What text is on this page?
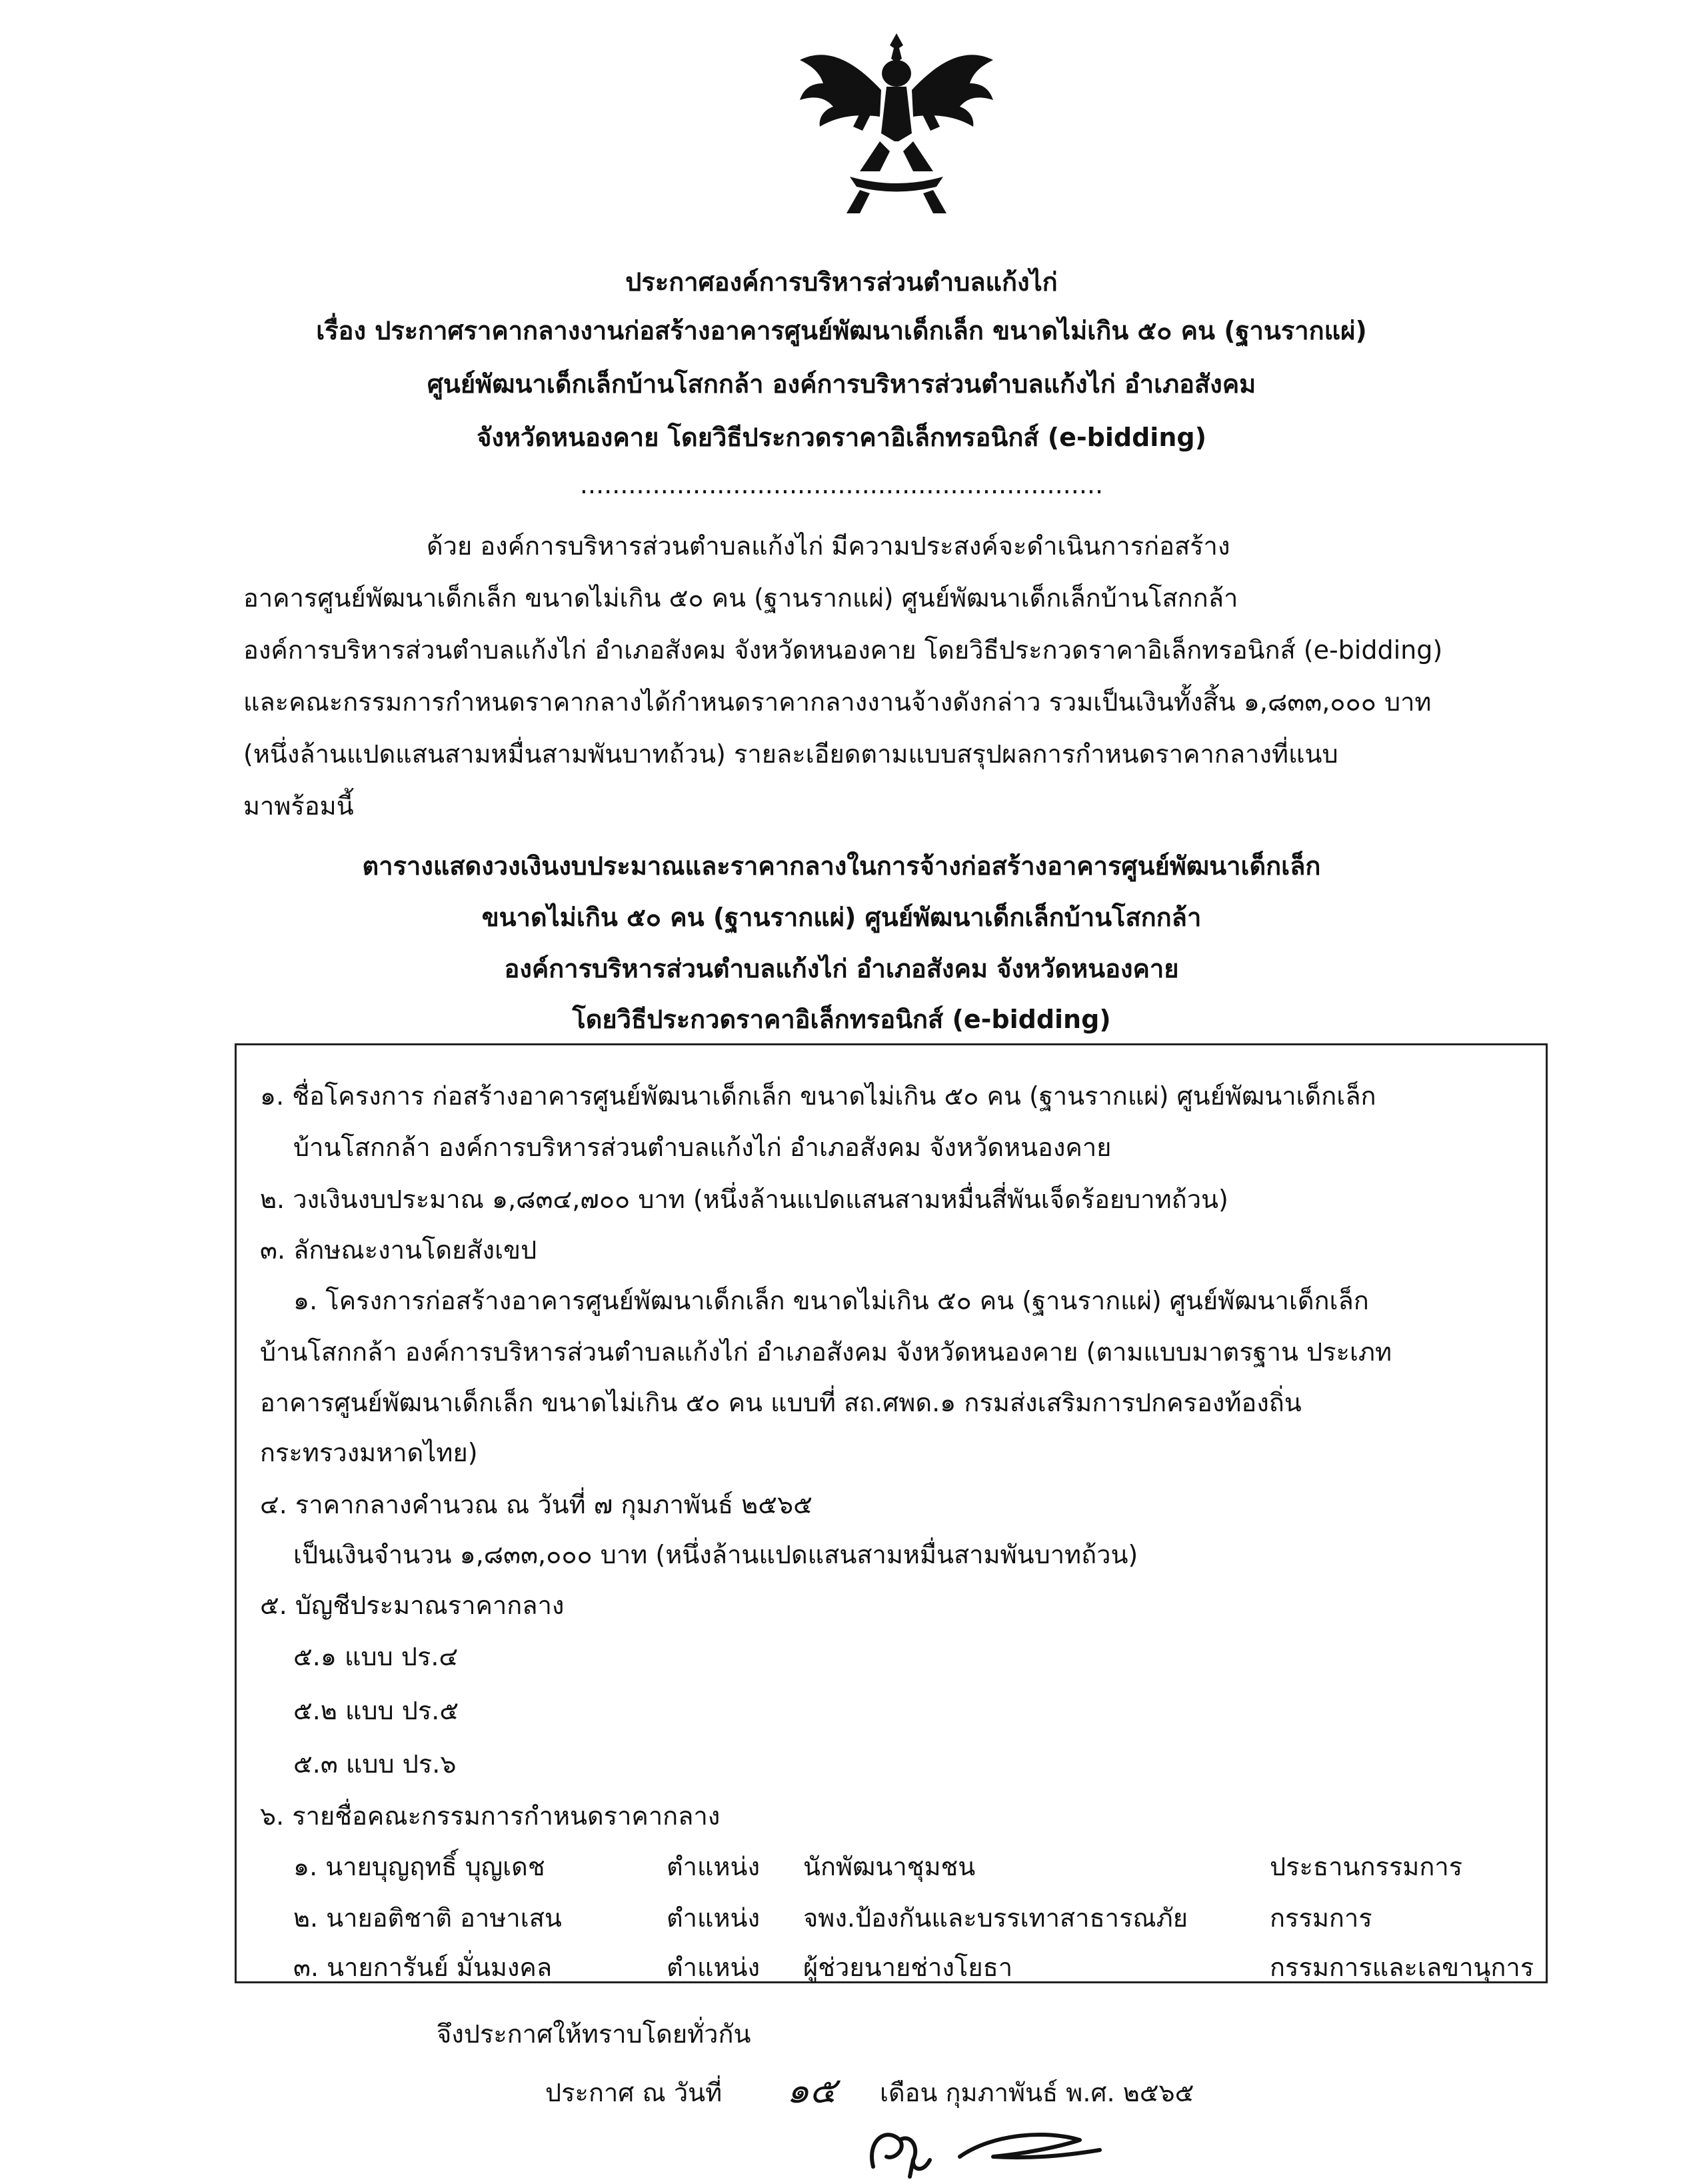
ประกาศองค์การบริหารส่วนตำบลแก้งไก่
เรื่อง ประกาศราคากลางงานก่อสร้างอาคารศูนย์พัฒนาเด็กเล็ก ขนาดไม่เกิน ๕๐ คน (ฐานรากแผ่)
ศูนย์พัฒนาเด็กเล็กบ้านโสกกล้า องค์การบริหารส่วนตำบลแก้งไก่ อำเภอสังคม
จังหวัดหนองคาย โดยวิธีประกวดราคาอิเล็กทรอนิกส์ (e-bidding)
.................................................................
ด้วย องค์การบริหารส่วนตำบลแก้งไก่ มีความประสงค์จะดำเนินการก่อสร้าง
อาคารศูนย์พัฒนาเด็กเล็ก ขนาดไม่เกิน ๕๐ คน (ฐานรากแผ่) ศูนย์พัฒนาเด็กเล็กบ้านโสกกล้า
องค์การบริหารส่วนตำบลแก้งไก่ อำเภอสังคม จังหวัดหนองคาย โดยวิธีประกวดราคาอิเล็กทรอนิกส์ (e-bidding)
และคณะกรรมการกำหนดราคากลางได้กำหนดราคากลางงานจ้างดังกล่าว รวมเป็นเงินทั้งสิ้น ๑,๘๓๓,๐๐๐ บาท
(หนึ่งล้านแปดแสนสามหมื่นสามพันบาทถ้วน) รายละเอียดตามแบบสรุปผลการกำหนดราคากลางที่แนบ
มาพร้อมนี้
ตารางแสดงวงเงินงบประมาณและราคากลางในการจ้างก่อสร้างอาคารศูนย์พัฒนาเด็กเล็ก
ขนาดไม่เกิน ๕๐ คน (ฐานรากแผ่) ศูนย์พัฒนาเด็กเล็กบ้านโสกกล้า
องค์การบริหารส่วนตำบลแก้งไก่ อำเภอสังคม จังหวัดหนองคาย
โดยวิธีประกวดราคาอิเล็กทรอนิกส์ (e-bidding)
๑. ชื่อโครงการ ก่อสร้างอาคารศูนย์พัฒนาเด็กเล็ก ขนาดไม่เกิน ๕๐ คน (ฐานรากแผ่) ศูนย์พัฒนาเด็กเล็ก
บ้านโสกกล้า องค์การบริหารส่วนตำบลแก้งไก่ อำเภอสังคม จังหวัดหนองคาย
๒. วงเงินงบประมาณ ๑,๘๓๔,๗๐๐ บาท (หนึ่งล้านแปดแสนสามหมื่นสี่พันเจ็ดร้อยบาทถ้วน)
๓. ลักษณะงานโดยสังเขป
๑. โครงการก่อสร้างอาคารศูนย์พัฒนาเด็กเล็ก ขนาดไม่เกิน ๕๐ คน (ฐานรากแผ่) ศูนย์พัฒนาเด็กเล็ก
บ้านโสกกล้า องค์การบริหารส่วนตำบลแก้งไก่ อำเภอสังคม จังหวัดหนองคาย (ตามแบบมาตรฐาน ประเภท
อาคารศูนย์พัฒนาเด็กเล็ก ขนาดไม่เกิน ๕๐ คน แบบที่ สถ.ศพด.๑ กรมส่งเสริมการปกครองท้องถิ่น
กระทรวงมหาดไทย)
๔. ราคากลางคำนวณ ณ วันที่ ๗ กุมภาพันธ์ ๒๕๖๕
เป็นเงินจำนวน ๑,๘๓๓,๐๐๐ บาท (หนึ่งล้านแปดแสนสามหมื่นสามพันบาทถ้วน)
๕. บัญชีประมาณราคากลาง
๕.๑ แบบ ปร.๔
๕.๒ แบบ ปร.๕
๕.๓ แบบ ปร.๖
๖. รายชื่อคณะกรรมการกำหนดราคากลาง
๑. นายบุญฤทธิ์ บุญเดช	ตำแหน่ง นักพัฒนาชุมชน	ประธานกรรมการ
๒. นายอติชาติ อาษาเสน	ตำแหน่ง จพง.ป้องกันและบรรเทาสาธารณภัย	กรรมการ
๓. นายการันย์ มั่นมงคล	ตำแหน่ง ผู้ช่วยนายช่างโยธา	กรรมการและเลขานุการ
จึงประกาศให้ทราบโดยทั่วกัน
ประกาศ ณ วันที่ ๑๕ เดือน กุมภาพันธ์ พ.ศ. ๒๕๖๕
